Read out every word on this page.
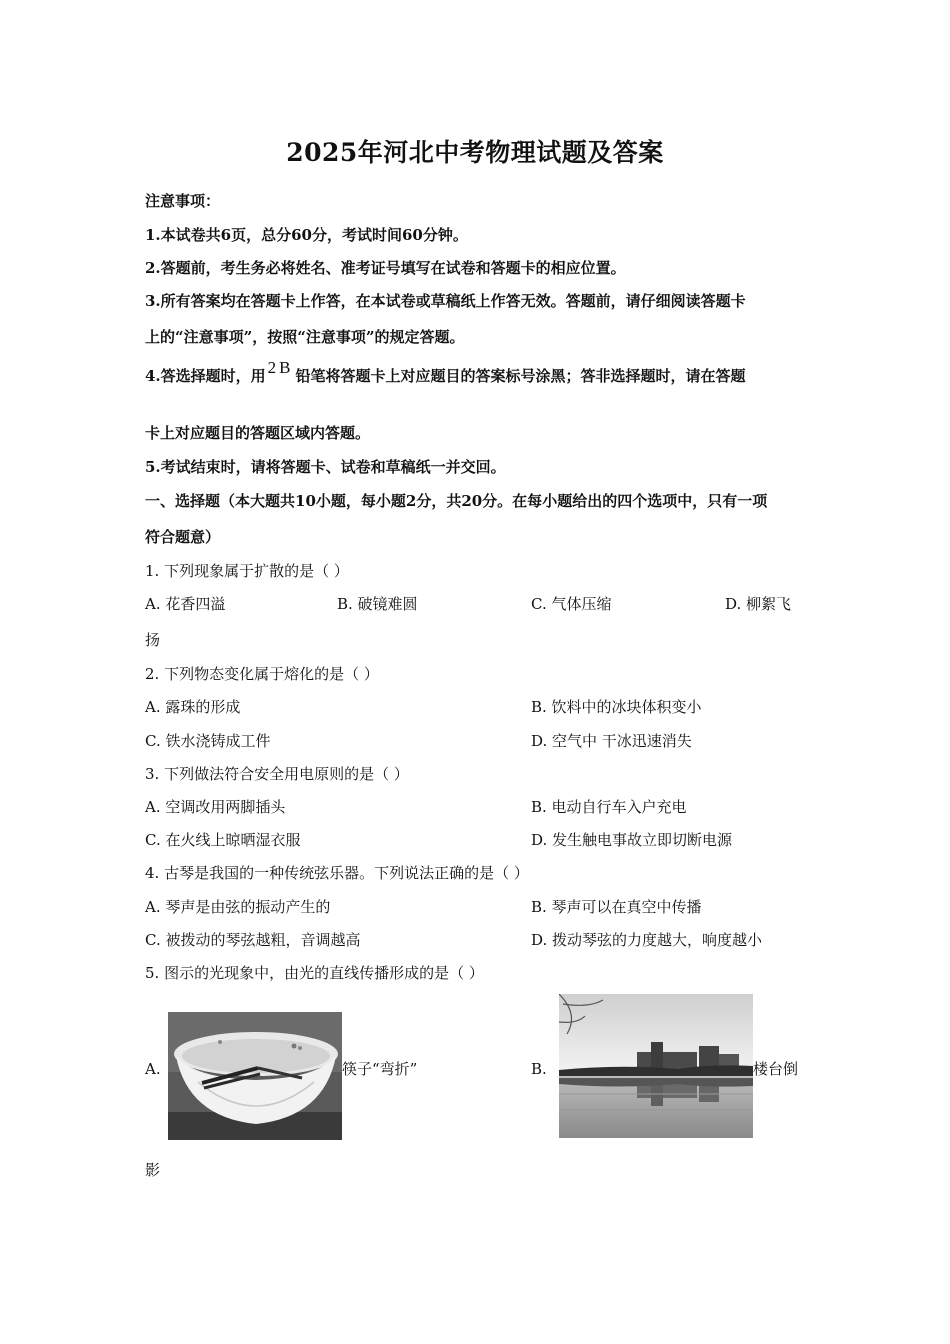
2025年河北中考物理试题及答案
注意事项：
1.本试卷共6页，总分60分，考试时间60分钟。
2.答题前，考生务必将姓名、准考证号填写在试卷和答题卡的相应位置。
3.所有答案均在答题卡上作答，在本试卷或草稿纸上作答无效。答题前，请仔细阅读答题卡
上的“注意事项”，按照“注意事项”的规定答题。
4.答选择题时，用 2B 铅笔将答题卡上对应题目的答案标号涂黑；答非选择题时，请在答题
卡上对应题目的答题区域内答题。
5.考试结束时，请将答题卡、试卷和草稿纸一并交回。
一、选择题（本大题共10小题，每小题2分，共20分。在每小题给出的四个选项中，只有一项
符合题意）
1. 下列现象属于扩散的是（ ）
A. 花香四溢	B. 破镜难圆	C. 气体压缩	D. 柳絮飞
扬
2. 下列物态变化属于熔化的是（ ）
A. 露珠的形成	B. 饮料中的冰块体积变小
C. 铁水浇铸成工件	D. 空气中 干冰迅速消失
3. 下列做法符合安全用电原则的是（ ）
A. 空调改用两脚插头	B. 电动自行车入户充电
C. 在火线上晾晒湿衣服	D. 发生触电事故立即切断电源
4. 古琴是我国的一种传统弦乐器。下列说法正确的是（ ）
A. 琴声是由弦的振动产生的	B. 琴声可以在真空中传播
C. 被拨动的琴弦越粗，音调越高	D. 拨动琴弦的力度越大，响度越小
5. 图示的光现象中，由光的直线传播形成的是（ ）
A.	筷子“弯折”	B.	楼台倒
影
